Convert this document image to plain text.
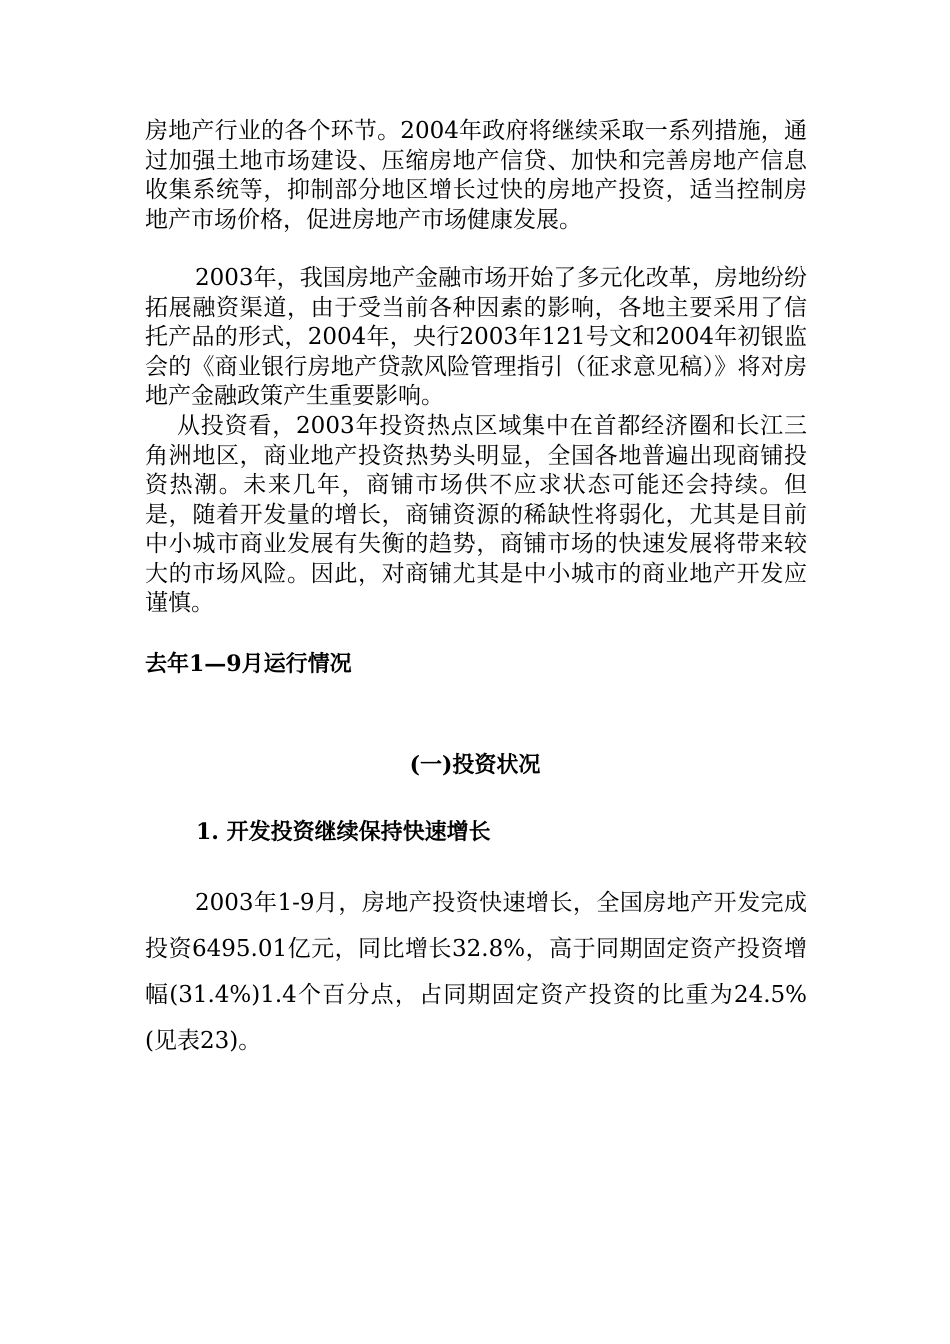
房地产行业的各个环节。2004年政府将继续采取一系列措施，通过加强土地市场建设、压缩房地产信贷、加快和完善房地产信息收集系统等，抑制部分地区增长过快的房地产投资，适当控制房地产市场价格，促进房地产市场健康发展。

2003年，我国房地产金融市场开始了多元化改革，房地纷纷拓展融资渠道，由于受当前各种因素的影响，各地主要采用了信托产品的形式，2004年，央行2003年121号文和2004年初银监会的《商业银行房地产贷款风险管理指引（征求意见稿）》将对房地产金融政策产生重要影响。

从投资看，2003年投资热点区域集中在首都经济圈和长江三角洲地区，商业地产投资热势头明显，全国各地普遍出现商铺投资热潮。未来几年，商铺市场供不应求状态可能还会持续。但是，随着开发量的增长，商铺资源的稀缺性将弱化，尤其是目前中小城市商业发展有失衡的趋势，商铺市场的快速发展将带来较大的市场风险。因此，对商铺尤其是中小城市的商业地产开发应谨慎。

去年1—9月运行情况
(一)投资状况
1. 开发投资继续保持快速增长

2003年1-9月，房地产投资快速增长，全国房地产开发完成投资6495.01亿元，同比增长32.8%，高于同期固定资产投资增幅(31.4%)1.4个百分点，占同期固定资产投资的比重为24.5%(见表23)。
